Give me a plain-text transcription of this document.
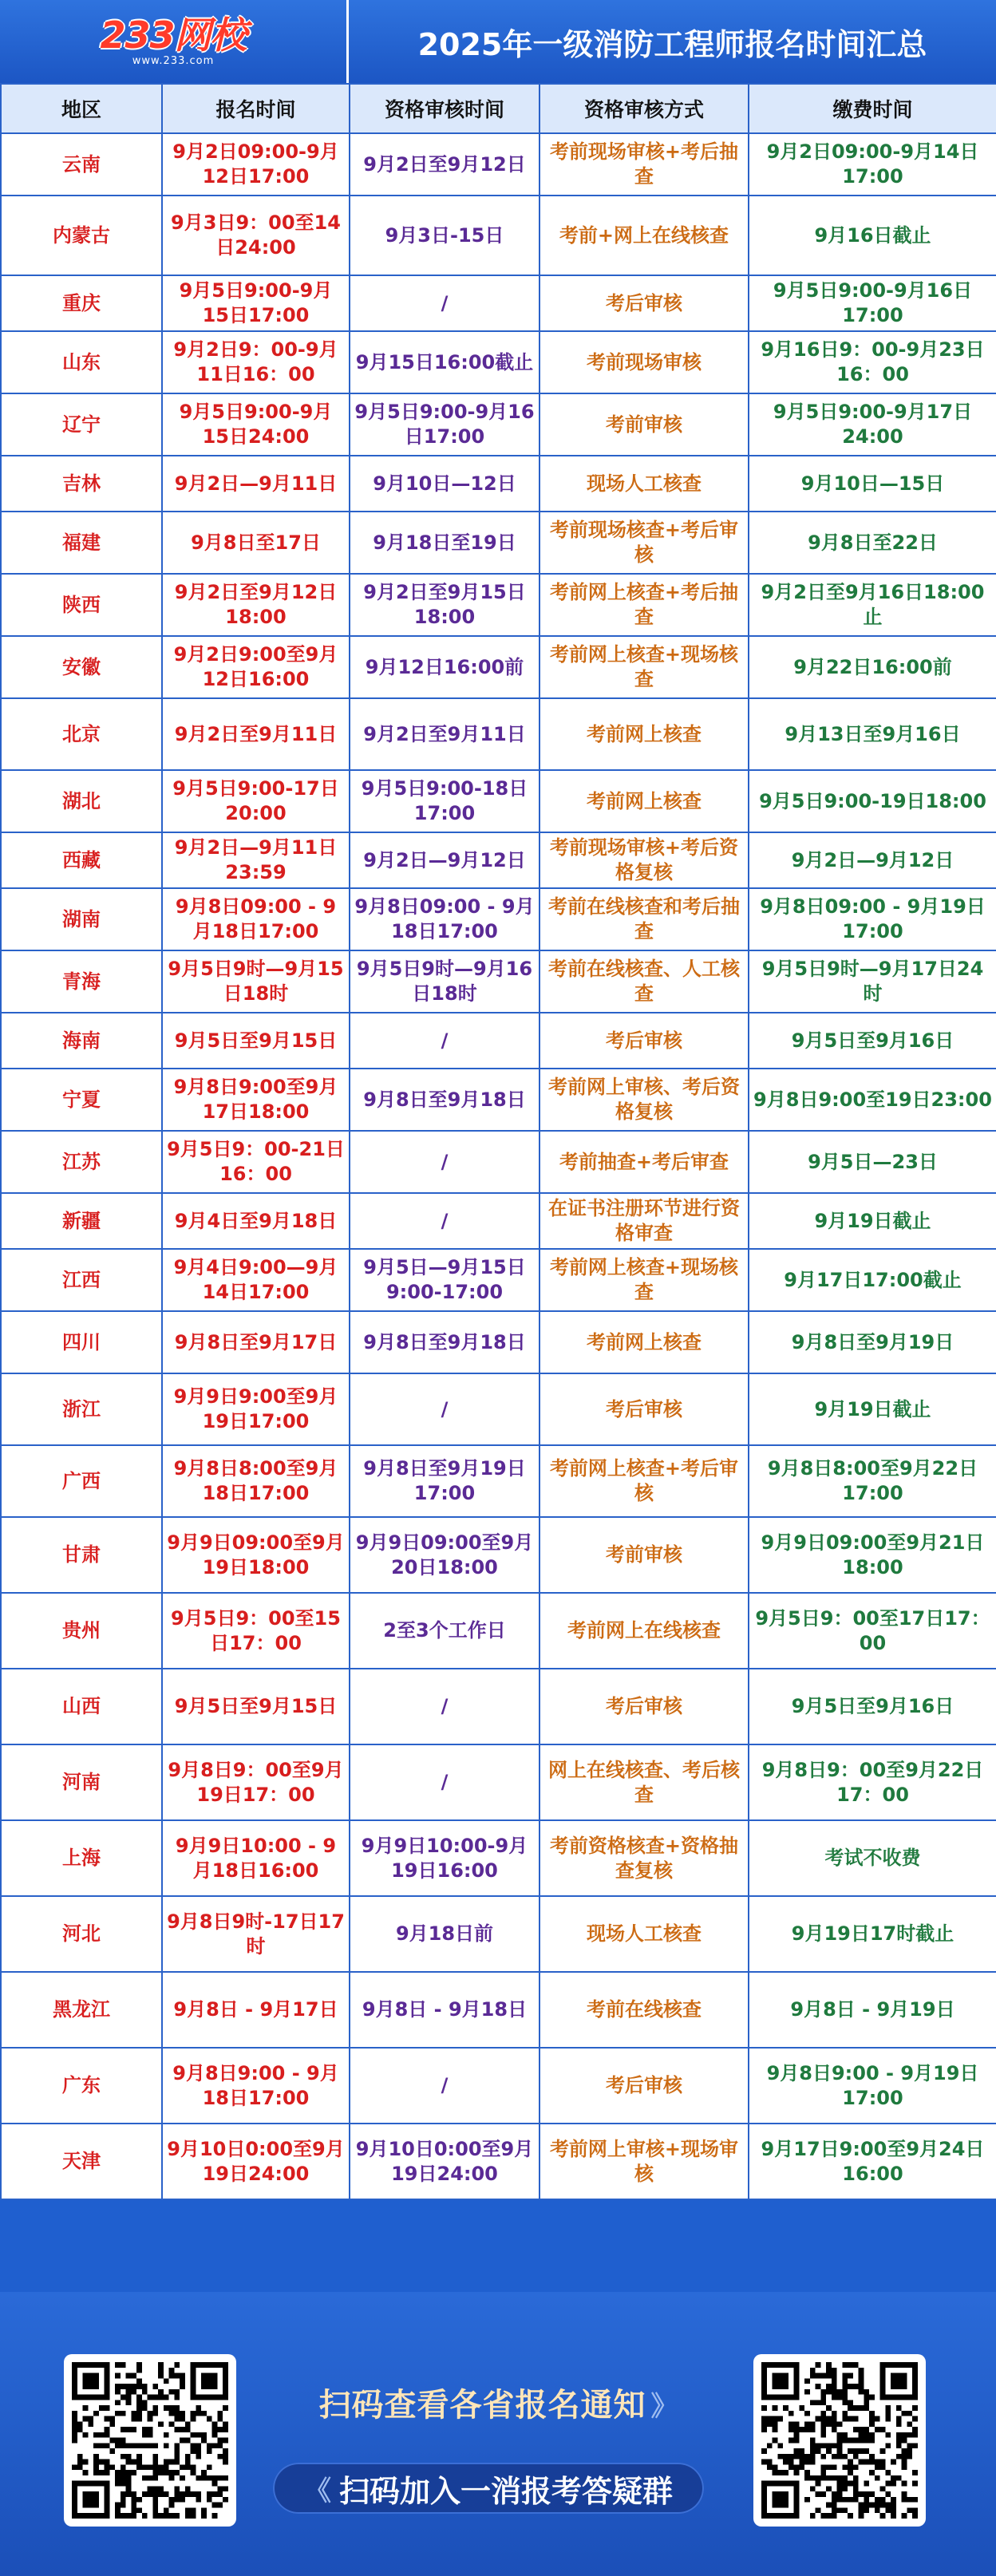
233网校
www.233.com	2025年一级消防工程师报名时间汇总
地区	报名时间	资格审核时间	资格审核方式	缴费时间
云南	9月2日09:00-9月12日17:00	9月2日至9月12日	考前现场审核+考后抽查	9月2日09:00-9月14日17:00
内蒙古	9月3日9：00至14日24:00	9月3日-15日	考前+网上在线核查	9月16日截止
重庆	9月5日9:00-9月15日17:00	/	考后审核	9月5日9:00-9月16日17:00
山东	9月2日9：00-9月11日16：00	9月15日16:00截止	考前现场审核	9月16日9：00-9月23日16：00
辽宁	9月5日9:00-9月15日24:00	9月5日9:00-9月16日17:00	考前审核	9月5日9:00-9月17日24:00
吉林	9月2日—9月11日	9月10日—12日	现场人工核查	9月10日—15日
福建	9月8日至17日	9月18日至19日	考前现场核查+考后审核	9月8日至22日
陕西	9月2日至9月12日18:00	9月2日至9月15日18:00	考前网上核查+考后抽查	9月2日至9月16日18:00止
安徽	9月2日9:00至9月12日16:00	9月12日16:00前	考前网上核查+现场核查	9月22日16:00前
北京	9月2日至9月11日	9月2日至9月11日	考前网上核查	9月13日至9月16日
湖北	9月5日9:00-17日20:00	9月5日9:00-18日17:00	考前网上核查	9月5日9:00-19日18:00
西藏	9月2日—9月11日23:59	9月2日—9月12日	考前现场审核+考后资格复核	9月2日—9月12日
湖南	9月8日09:00 - 9月18日17:00	9月8日09:00 - 9月18日17:00	考前在线核查和考后抽查	9月8日09:00 - 9月19日17:00
青海	9月5日9时—9月15日18时	9月5日9时—9月16日18时	考前在线核查、人工核查	9月5日9时—9月17日24时
海南	9月5日至9月15日	/	考后审核	9月5日至9月16日
宁夏	9月8日9:00至9月17日18:00	9月8日至9月18日	考前网上审核、考后资格复核	9月8日9:00至19日23:00
江苏	9月5日9：00-21日16：00	/	考前抽查+考后审查	9月5日—23日
新疆	9月4日至9月18日	/	在证书注册环节进行资格审查	9月19日截止
江西	9月4日9:00—9月14日17:00	9月5日—9月15日9:00-17:00	考前网上核查+现场核查	9月17日17:00截止
四川	9月8日至9月17日	9月8日至9月18日	考前网上核查	9月8日至9月19日
浙江	9月9日9:00至9月19日17:00	/	考后审核	9月19日截止
广西	9月8日8:00至9月18日17:00	9月8日至9月19日17:00	考前网上核查+考后审核	9月8日8:00至9月22日17:00
甘肃	9月9日09:00至9月19日18:00	9月9日09:00至9月20日18:00	考前审核	9月9日09:00至9月21日18:00
贵州	9月5日9：00至15日17：00	2至3个工作日	考前网上在线核查	9月5日9：00至17日17：00
山西	9月5日至9月15日	/	考后审核	9月5日至9月16日
河南	9月8日9：00至9月19日17：00	/	网上在线核查、考后核查	9月8日9：00至9月22日17：00
上海	9月9日10:00 - 9月18日16:00	9月9日10:00-9月19日16:00	考前资格核查+资格抽查复核	考试不收费
河北	9月8日9时-17日17时	9月18日前	现场人工核查	9月19日17时截止
黑龙江	9月8日 - 9月17日	9月8日 - 9月18日	考前在线核查	9月8日 - 9月19日
广东	9月8日9:00 - 9月18日17:00	/	考后审核	9月8日9:00 - 9月19日17:00
天津	9月10日0:00至9月19日24:00	9月10日0:00至9月19日24:00	考前网上审核+现场审核	9月17日9:00至9月24日16:00
扫码查看各省报名通知 》
《 扫码加入一消报考答疑群
